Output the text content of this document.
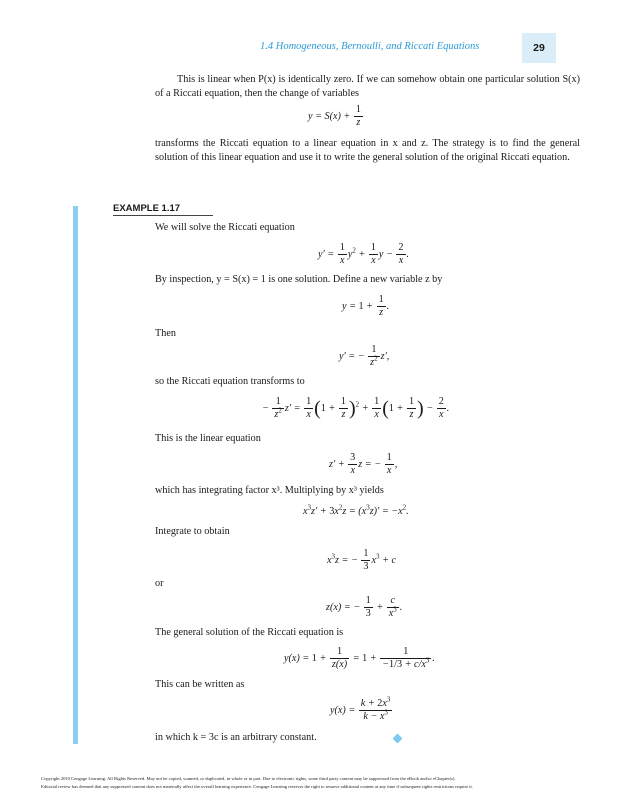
1.4 Homogeneous, Bernoulli, and Riccati Equations	29
This is linear when P(x) is identically zero. If we can somehow obtain one particular solution S(x) of a Riccati equation, then the change of variables
$y = S(x) + \frac{1}{z}$
transforms the Riccati equation to a linear equation in x and z. The strategy is to find the general solution of this linear equation and use it to write the general solution of the original Riccati equation.
EXAMPLE 1.17
We will solve the Riccati equation
$y' = \frac{1}{x} y^2 + \frac{1}{x}$ $y - \frac{2}{x}$ .
By inspection, y = S(x) = 1 is one solution. Define a new variable z by
$y = 1 + \frac{1}{z}$ .
Then
y′ = − $\frac{1}{z^2} z'$,
so the Riccati equation transforms to
− $\frac{1}{z^2} z' = \frac{1}{x} (1 + \frac{1}{z} )^2 + \frac{1}{x} (1 + \frac{1}{z}$ ) − $\frac{2}{x}$ .
This is the linear equation
$z' + \frac{3}{x}$ z = − $\frac{1}{x}$ ,
which has integrating factor x³. Multiplying by x³ yields
$x^3z' + 3x^2z = (x^3z)' = -x^2$.
Integrate to obtain
$x^3z$ = − $\frac{1}{3} x^3 + c$
or
z(x) = − $\frac{1}{3} + \frac{c}{x^3}$ .
The general solution of the Riccati equation is
$y(x) = 1 + \frac{1}{z(x)} = 1 + \frac{1}{-1/3 + c/x^3}$ .
This can be written as
$y(x) = \frac{k + 2x^3}{k - x^3}$
in which k = 3c is an arbitrary constant.
Copyright 2010 Cengage Learning. All Rights Reserved. May not be copied, scanned, or duplicated, in whole or in part. Due to electronic rights, some third party content may be suppressed from the eBook and/or eChapter(s).
Editorial review has deemed that any suppressed content does not materially affect the overall learning experience. Cengage Learning reserves the right to remove additional content at any time if subsequent rights restrictions require it.
